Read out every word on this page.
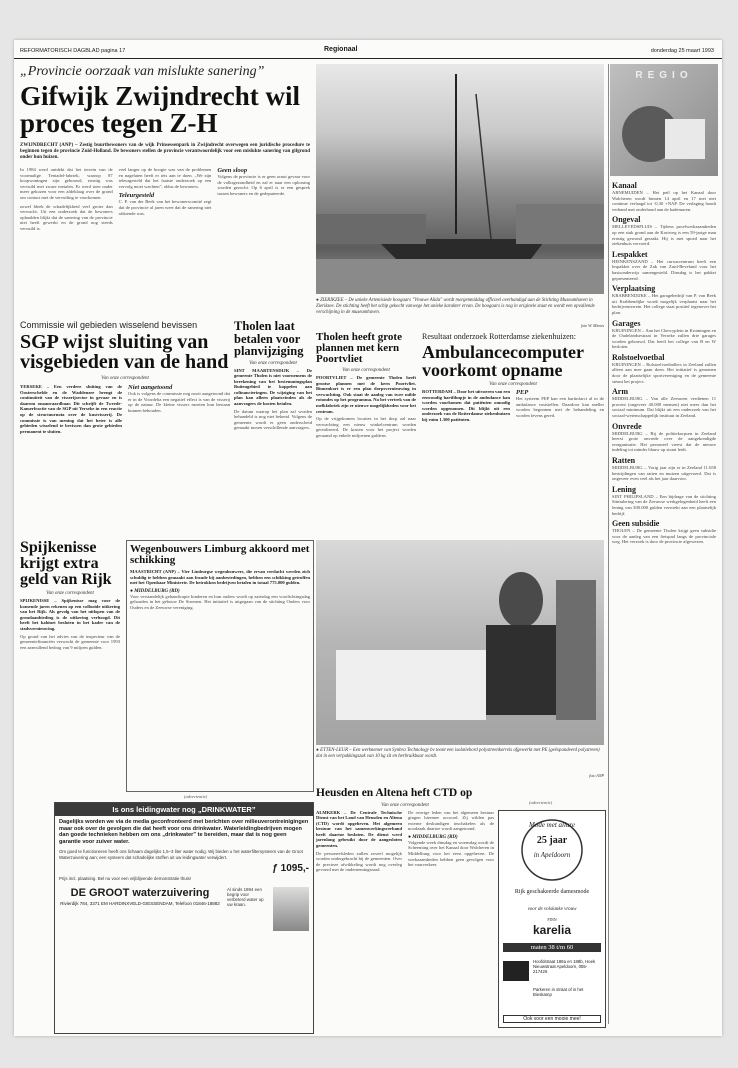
REFORMATORISCH DAGBLAD pagina 17	Regionaal	donderdag 25 maart 1993
„Provincie oorzaak van mislukte sanering”
Gifwijk Zwijndrecht wil proces tegen Z-H
ZWIJNDRECHT (ANP) – Zestig buurtbewoners van de wijk Prinsessenpark in Zwijndrecht overwegen een juridische procedure te beginnen tegen de provincie Zuid-Holland. De bewoners stellen de provincie verantwoordelijk voor een mislukte sanering van gifgrond onder hun huizen.
In 1984 werd ontdekt dat het terrein van de voormalige Tentadel-fabriek, waarop 87 koopwoningen zijn gebouwd, ernstig was vervuild met zware metalen. Er werd toen onder meer gekozen voor een afdeklaag over de grond om contact met de vervuiling te voorkomen.
zowel bleek de schadelijkheid veel groter dan verwacht. Uit een onderzoek dat de bewoners ophaalden blijkt dat de sanering van de provincie niet heeft gewerkt en de grond nog steeds vervuild is.
veel langer op de hoogte was van de problemen en nagelaten heeft er iets aan te doen. „We zijn teleurgesteld dat het laatste onderzoek op een vervolg moet wachten”, aldus de bewoners.
Teleurgesteld
C. P. van der Beek van het bewonerscomité zegt dat de provincie al jaren weet dat de sanering niet afdoende was.
Geen sloop
Volgens de provincie is er geen acuut gevaar voor de volksgezondheid en zal er naar een oplossing worden gezocht. Op 6 april is er een gesprek tussen bewoners en de gedeputeerde.
● ZIERIKZEE – De unieke Artemisiede hoogaars "Vrouwe Alida" wordt morgenmiddag officieel overhandigd aan de Stichting Museumhaven in Zierikzee. De stichting heeft het schip gekocht vanwege het unieke karakter ervan. De hoogaars is nog in originele staat en wordt een opvallende verschijning in de museumhaven.
foto W. Mienis
REGIO
Kanaal
ARNEMUIDEN – Het peil op het Kanaal door Walcheren wordt binnen 14 april en 17 mei niet continue verlaagd tot -0,30 +NAP. De verlaging houdt verband met onderhoud aan de kademuren.
Ongeval
MELLEVEDSPLUIS – Tijdens proefwerkzaamheden op een stuk grond aan de Kortweg is een 59-jarige man ernstig gewond geraakt. Hij is met spoed naar het ziekenhuis vervoerd.
Lespakket
HEINKENSZAND – Het cursuscentrum heeft een lespakket over de Zak van Zuid-Beveland voor het basisonderwijs samengesteld. Dinsdag is het pakket gepresenteerd.
Verplaatsing
KRABBENDIJKE – Het garagebedrijf van P. van Beek uit Krabbendijke wordt mogelijk verplaatst naar het bedrijventerrein. Het college staat positief tegenover het plan.
Garages
KRUININGEN – Aan het Chercyplein in Kruiningen en de Oudelandsestraat in Yerseke zullen drie garages worden gebouwd. Dat heeft het college van B en W besloten.
Rolstoelvoetbal
KRUININGEN – Rolstoelvoetballers in Zeeland zullen alleen aan mee gaan doen. Het initiatief is genomen door de plaatselijke sportvereniging en de gemeente steunt het project.
Arm
MIDDELBURG – Van alle Zeeuwen verdienen 11 procent (ongeveer 40.000 mensen) niet meer dan het sociaal minimum. Dat blijkt uit een onderzoek van het sociaal-wetenschappelijk instituut in Zeeland.
Onvrede
MIDDELBURG – Bij de politiekorpsen in Zeeland heerst grote onvrede over de aangekondigde reorganisatie. Het personeel vreest dat de nieuwe indeling tot minder blauw op straat leidt.
Ratten
MIDDELBURG – Vorig jaar zijn er in Zeeland 11.658 bestrijdingen van ratten en muizen uitgevoerd. Dat is ongeveer even veel als het jaar daarvoor.
Lening
SINT PHILIPSLAND – Een bijdrage van de stichting Stimulering van de Zeeuwse werkgelegenheid heeft een lening van 300.000 gulden verstrekt aan een plaatselijk bedrijf.
Geen subsidie
THOLEN – De gemeente Tholen krijgt geen subsidie voor de aanleg van een fietspad langs de provinciale weg. Het verzoek is door de provincie afgewezen.
Commissie wil gebieden wisselend bevissen
SGP wijst sluiting van visgebieden van de hand
Van onze correspondent
YERSEKE – Een verdere sluiting van de Oosterschelde en de Waddenzee brengt de continuïteit van de visserijsector in gevaar en is daarom onaanvaardbaar. Dit schrijft de Tweede-Kamerfractie van de SGP uit Yerseke in een reactie op de structuurnota over de kustvisserij. De commissie is van mening dat het beter is alle gebieden wisselend te bevissen dan grote gebieden permanent te sluiten.
Niet aangetoond
Ook is volgens de commissie nog nooit aangetoond dat er in de Voordelta een negatief effect is van de visserij op de natuur. De kleine vissers moeten hun bestaan kunnen behouden.
Tholen laat betalen voor planvijziging
Van onze correspondent
SINT MAARTENSDIJK – De gemeente Tholen is niet voornemens de berekening van het bestemmingsplan Buitengebied te koppelen aan cofinancieringen. De wijziging van het plan kan alleen plaatsvinden als de aanvragers de kosten betalen.
De datum waarop het plan zal worden behandeld is nog niet bekend. Volgens de gemeente wordt er geen onderscheid gemaakt tussen verschillende aanvragers.
Tholen heeft grote plannen met kern Poortvliet
Van onze correspondent
POORTVLIET – De gemeente Tholen heeft grootse plannen met de kern Poortvliet. Binnenkort is er een plan dorpsvernieuwing in verwachting. Ook staat de aanleg van twee milde rotondes op het programma. Na het vertrek van de melkfabriek zijn er nieuwe mogelijkheden voor het centrum.
Op de vrijgekomen locaties in het dorp zal naar verwachting een nieuw winkelcentrum worden gerealiseerd. De kosten voor het project worden geraamd op enkele miljoenen guldens.
Resultaat onderzoek Rotterdamse ziekenhuizen:
Ambulancecomputer voorkomt opname
Van onze correspondent
ROTTERDAM – Door het uitvoeren van een eenvoudig hartfilmpje in de ambulance kan worden voorkomen dat patiënten onnodig worden opgenomen. Dit blijkt uit een onderzoek van de Rotterdamse ziekenhuizen bij ruim 1.300 patiënten.
PEP
Het systeem PEP kan een hartinfarct al in de ambulance vaststellen. Daardoor kan sneller worden begonnen met de behandeling en worden levens gered.
● ETTEN-LEUR – Een werknemer van Synbra Technology bv toont een isolatiebord polystreenkorrels afgewerkt met PE (geëxpandeerd polystreen) dat in een verpakkingszak van 10 kg zit en herbruikbaar wordt.
foto ANP
Spijkenisse krijgt extra geld van Rijk
Van onze correspondent
SPIJKENISSE – Spijkenisse mag voor de komende jaren rekenen op een vollooide uitkering van het Rijk. Als gevolg van het uitlopen van de grondaanbieding is de uitkering verhoogd. Dit heeft het kabinet besloten in het kader van de stadsvernieuwing.
Op grond van het advies van de inspecteur van de gemeentefinanciën verwacht de gemeente voor 1993 een aanvullend bedrag van 9 miljoen gulden.
Wegenbouwers Limburg akkoord met schikking
MAASTRICHT (ANP) – Vier Limburgse wegenbouwers, die ervan verdacht werden zich schuldig te hebben gemaakt aan fraude bij aanbestedingen, hebben een schikking getroffen met het Openbaar Ministerie. De betrokken bedrijven betalen in totaal 775.000 gulden.
● MIDDELBURG (RD)
Voor verstandelijk gehandicapte kinderen en hun ouders wordt op zaterdag een voorlichtingsdag gehouden in het gebouw De Stromen. Het initiatief is uitgegaan van de stichting Ouders voor Ouders en de Zeeuwse vereniging.
(advertentie)
Is ons leidingwater nog „DRINKWATER”
Dagelijks worden we via de media geconfronteerd met berichten over milieuverontreinigingen maar ook over de gevolgen die dat heeft voor ons drinkwater. Waterleidingbedrijven mogen dan goede technieken hebben om ons „drinkwater” te bereiden, maar dat is nog geen garantie voor zuiver water.
Om goed te functioneren heeft ons lichaam dagelijks 1,5–3 liter water nodig. Wij bieden u het waterfiltersysteem van de Groot Waterzuivering aan; een systeem dat schadelijke stoffen uit uw leidingwater verwijdert.
ƒ 1095,-
Prijs incl. plaatsing. Bel nu voor een vrijblijvende demonstratie thuis!
DE GROOT waterzuivering
Rivierdijk 784, 3371 EM HARDINXVELD-GIESSENDAM, Telefoon 01846-18882
Al sinds 1984 een begrip voor verbeterd water op uw kraan.
Heusden en Altena heft CTD op
Van onze correspondent
ALMKERK – De Centrale Technische Dienst van het Land van Heusden en Altena (CTD) wordt opgeheven. Het algemeen bestuur van het samenwerkingsverband heeft daartoe besloten. De dienst werd jarenlang gebruikt door de aangesloten gemeenten.
De personeelsleden zullen zoveel mogelijk worden ondergebracht bij de gemeenten. Over de precieze afwikkeling wordt nog overleg gevoerd met de ondernemingsraad.
De overige leden van het algemeen bestuur gingen hiermee accoord. Zij wilden pas externe deskundigen inschakelen als de noodzaak daartoe wordt aangetoond.
● MIDDELBURG (RD)
Volgende week dinsdag en woensdag wordt de Scheeming over het Kanaal door Walcheren in Middelburg voor het eerst opgeheven. De werkzaamheden hebben geen gevolgen voor het vaarverkeer.
(advertentie)
Mode met allure
25 jaar
in Apeldoorn
Rijk geschakeerde damesmode
voor de volslanke vrouw
FINN
karelia
maten 38 t/m 60
Hoofdstraat 188a en 188b, Hoek Nieuwstraat Apeldoorn, 055-217426
Parkeren in straat of in het Bieskamp
Ook voor een mooie mee!
